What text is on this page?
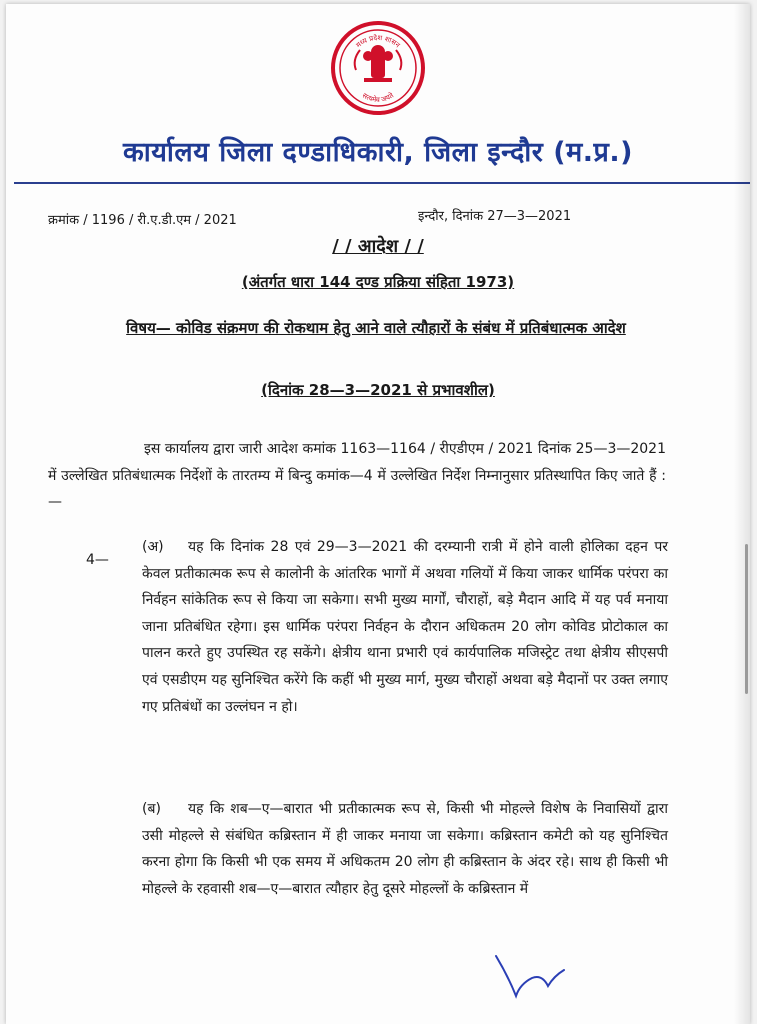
मध्य प्रदेश शासन
सत्यमेव जयते
कार्यालय जिला दण्डाधिकारी, जिला इन्दौर (म.प्र.)
क्रमांक / 1196 / री.ए.डी.एम / 2021	इन्दौर, दिनांक 27—3—2021
/ / आदेश / /
(अंतर्गत धारा 144 दण्ड प्रक्रिया संहिता 1973)
विषय— कोविड संक्रमण की रोकथाम हेतु आने वाले त्यौहारों के संबंध में प्रतिबंधात्मक आदेश
(दिनांक 28—3—2021 से प्रभावशील)
इस कार्यालय द्वारा जारी आदेश कमांक 1163—1164 / रीएडीएम / 2021 दिनांक 25—3—2021 में उल्लेखित प्रतिबंधात्मक निर्देशों के तारतम्य में बिन्दु कमांक—4 में उल्लेखित निर्देश निम्नानुसार प्रतिस्थापित किए जाते हैं :—
4—
(अ) यह कि दिनांक 28 एवं 29—3—2021 की दरम्यानी रात्री में होने वाली होलिका दहन पर केवल प्रतीकात्मक रूप से कालोनी के आंतरिक भागों में अथवा गलियों में किया जाकर धार्मिक परंपरा का निर्वहन सांकेतिक रूप से किया जा सकेगा। सभी मुख्य मार्गों, चौराहों, बड़े मैदान आदि में यह पर्व मनाया जाना प्रतिबंधित रहेगा। इस धार्मिक परंपरा निर्वहन के दौरान अधिकतम 20 लोग कोविड प्रोटोकाल का पालन करते हुए उपस्थित रह सकेंगे। क्षेत्रीय थाना प्रभारी एवं कार्यपालिक मजिस्ट्रेट तथा क्षेत्रीय सीएसपी एवं एसडीएम यह सुनिश्चित करेंगे कि कहीं भी मुख्य मार्ग, मुख्य चौराहों अथवा बड़े मैदानों पर उक्त लगाए गए प्रतिबंधों का उल्लंघन न हो।
(ब) यह कि शब—ए—बारात भी प्रतीकात्मक रूप से, किसी भी मोहल्ले विशेष के निवासियों द्वारा उसी मोहल्ले से संबंधित कब्रिस्तान में ही जाकर मनाया जा सकेगा। कब्रिस्तान कमेटी को यह सुनिश्चित करना होगा कि किसी भी एक समय में अधिकतम 20 लोग ही कब्रिस्तान के अंदर रहे। साथ ही किसी भी मोहल्ले के रहवासी शब—ए—बारात त्यौहार हेतु दूसरे मोहल्लों के कब्रिस्तान में
